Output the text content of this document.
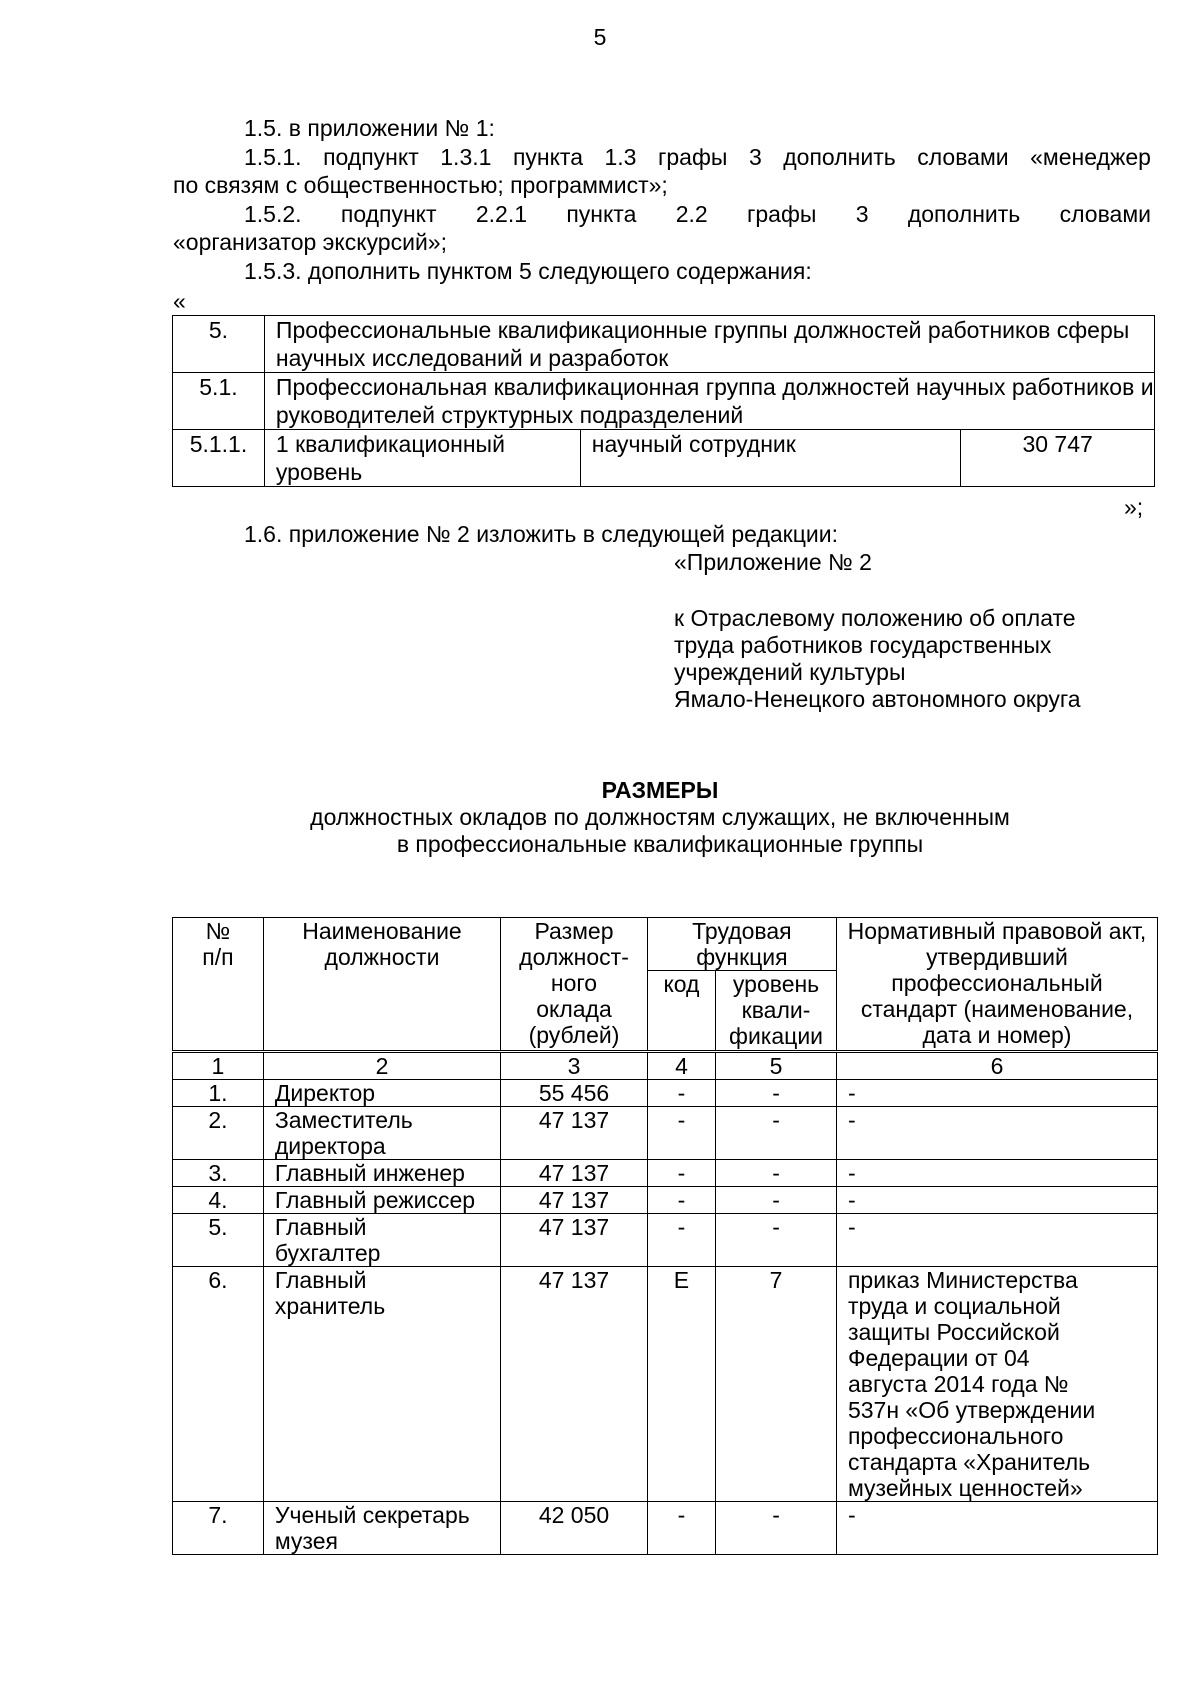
5
1.5. в приложении № 1:
1.5.1. подпункт 1.3.1 пункта 1.3 графы 3 дополнить словами «менеджер
по связям с общественностью; программист»;
1.5.2. подпункт 2.2.1 пункта 2.2 графы 3 дополнить словами
«организатор экскурсий»;
1.5.3. дополнить пунктом 5 следующего содержания:
«
5.	Профессиональные квалификационные группы должностей работников сферы научных исследований и разработок		
5.1.	Профессиональная квалификационная группа должностей научных работников и руководителей структурных подразделений		
5.1.1.	1 квалификационный уровень	научный сотрудник	30 747
»;
1.6. приложение № 2 изложить в следующей редакции:
«Приложение № 2
к Отраслевому положению об оплате
труда работников государственных
учреждений культуры
Ямало-Ненецкого автономного округа
РАЗМЕРЫ
должностных окладов по должностям служащих, не включенным
в профессиональные квалификационные группы
№ п/п	Наименование должности	Размер должност- ного оклада (рублей)	Трудовая функция		Нормативный правовой акт, утвердивший профессиональный стандарт (наименование, дата и номер)
			код	уровень квали- фикации	
1	2	3	4	5	6
1.	Директор	55 456	-	-	-
2.	Заместитель директора	47 137	-	-	-
3.	Главный инженер	47 137	-	-	-
4.	Главный режиссер	47 137	-	-	-
5.	Главный бухгалтер	47 137	-	-	-
6.	Главный хранитель	47 137	Е	7	приказ Министерства труда и социальной защиты Российской Федерации от 04 августа 2014 года № 537н «Об утверждении профессионального стандарта «Хранитель музейных ценностей»
7.	Ученый секретарь музея	42 050	-	-	-
